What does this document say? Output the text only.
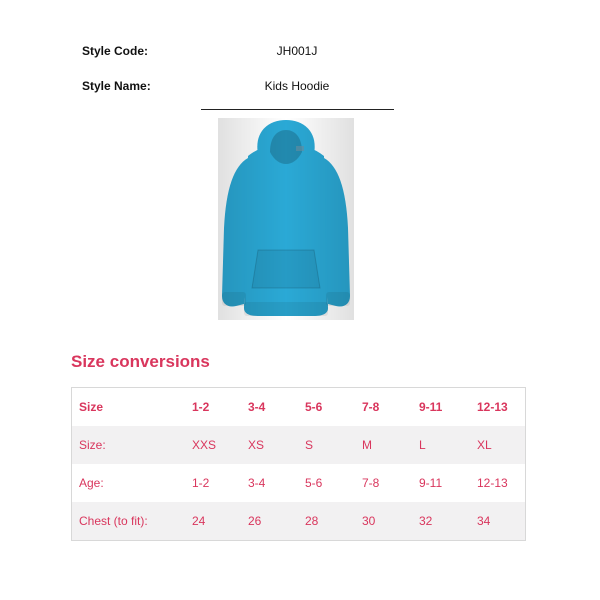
Style Code:	JH001J
Style Name:	Kids Hoodie
Size conversions
Size	1-2	3-4	5-6	7-8	9-11	12-13
Size:	XXS	XS	S	M	L	XL
Age:	1-2	3-4	5-6	7-8	9-11	12-13
Chest (to fit):	24	26	28	30	32	34
